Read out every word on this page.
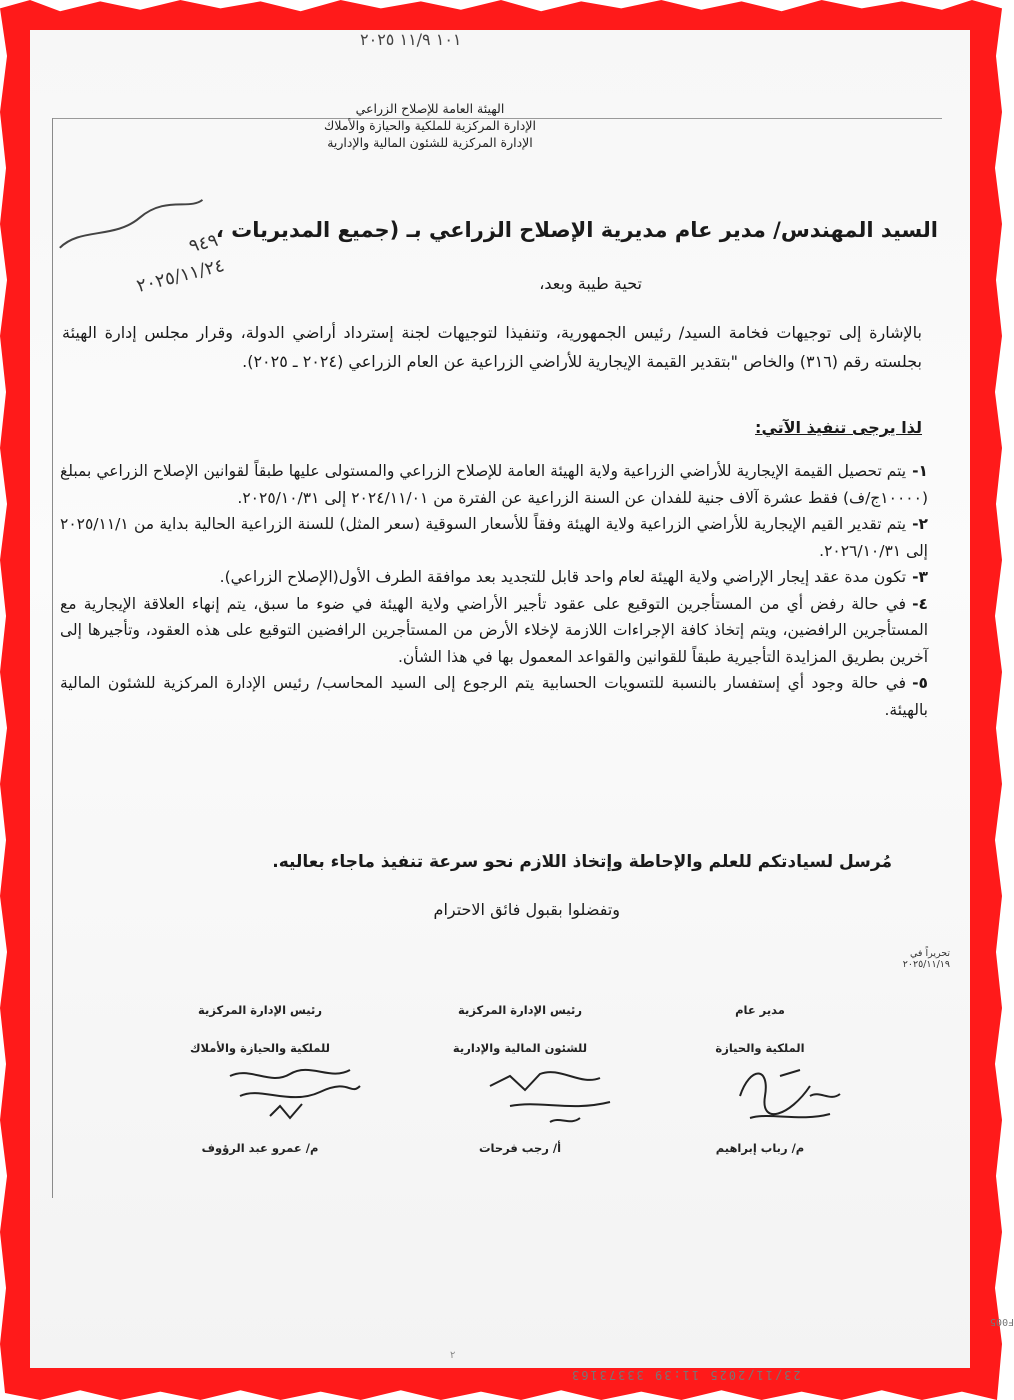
١٠١ ١١/٩ ٢٠٢٥
الهيئة العامة للإصلاح الزراعي
الإدارة المركزية للملكية والحيازة والأملاك
الإدارة المركزية للشئون المالية والإدارية
٩٤٩
٢٠٢٥/١١/٢٤
السيد المهندس/ مدير عام مديرية الإصلاح الزراعي بـ (جميع المديريات ،
تحية طيبة وبعد،
بالإشارة إلى توجيهات فخامة السيد/ رئيس الجمهورية، وتنفيذا لتوجيهات لجنة إسترداد أراضي الدولة، وقرار مجلس إدارة الهيئة بجلسته رقم (٣١٦) والخاص "بتقدير القيمة الإيجارية للأراضي الزراعية عن العام الزراعي (٢٠٢٤ ـ ٢٠٢٥).
لذا يرجى تنفيذ الآتي:
١-يتم تحصيل القيمة الإيجارية للأراضي الزراعية ولاية الهيئة العامة للإصلاح الزراعي والمستولى عليها طبقاً لقوانين الإصلاح الزراعي بمبلغ (١٠٠٠٠ج/ف) فقط عشرة آلاف جنية للفدان عن السنة الزراعية عن الفترة من ٢٠٢٤/١١/٠١ إلى ٢٠٢٥/١٠/٣١.
٢-يتم تقدير القيم الإيجارية للأراضي الزراعية ولاية الهيئة وفقاً للأسعار السوقية (سعر المثل) للسنة الزراعية الحالية بداية من ٢٠٢٥/١١/١ إلى ٢٠٢٦/١٠/٣١.
٣-تكون مدة عقد إيجار الإراضي ولاية الهيئة لعام واحد قابل للتجديد بعد موافقة الطرف الأول(الإصلاح الزراعي).
٤-في حالة رفض أي من المستأجرين التوقيع على عقود تأجير الأراضي ولاية الهيئة في ضوء ما سبق، يتم إنهاء العلاقة الإيجارية مع المستأجرين الرافضين، ويتم إتخاذ كافة الإجراءات اللازمة لإخلاء الأرض من المستأجرين الرافضين التوقيع على هذه العقود، وتأجيرها إلى آخرين بطريق المزايدة التأجيرية طبقاً للقوانين والقواعد المعمول بها في هذا الشأن.
٥-في حالة وجود أي إستفسار بالنسبة للتسويات الحسابية يتم الرجوع إلى السيد المحاسب/ رئيس الإدارة المركزية للشئون المالية بالهيئة.
مُرسل لسيادتكم للعلم والإحاطة وإتخاذ اللازم نحو سرعة تنفيذ ماجاء بعاليه.
وتفضلوا بقبول فائق الاحترام
تحريراً في
٢٠٢٥/١١/١٩
رئيس الإدارة المركزية
للملكية والحيازة والأملاك
م/ عمرو عبد الرؤوف
رئيس الإدارة المركزية
للشئون المالية والإدارية
أ/ رجب فرحات
مدير عام
الملكية والحيازة
م/ رباب إبراهيم
F005
٢
23/11/2025 11:39 33373163
